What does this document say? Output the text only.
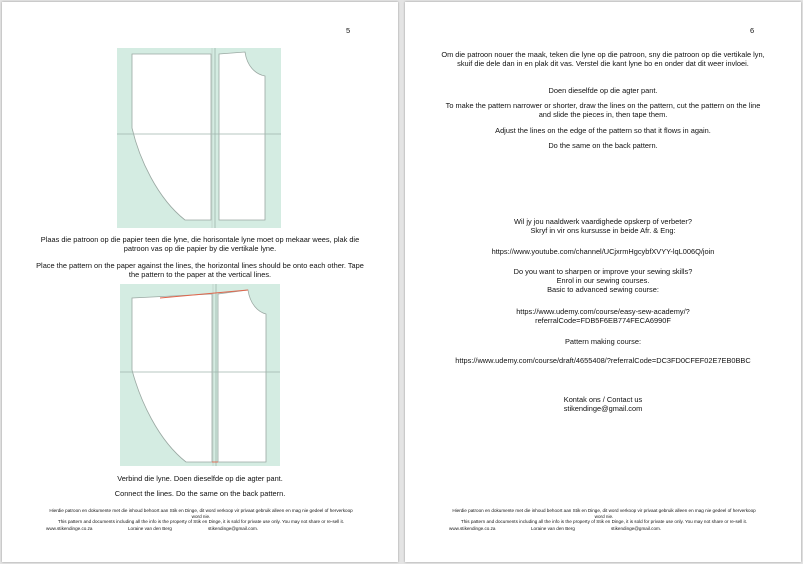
5

Plaas die patroon op die papier teen die lyne, die horisontale lyne moet op mekaar wees, plak die patroon vas op die papier by die vertikale lyne.

Place the pattern on the paper against the lines, the horizontal lines should be onto each other. Tape the pattern to the paper at the vertical lines.

Verbind die lyne. Doen dieselfde op die agter pant.

Connect the lines. Do the same on the back pattern.

Hierdie patroon en dokumente met die inhoud behoort aan Stik en Dinge, dit word verkoop vir privaat gebruik alleen en mag nie gedeel of herverkoop word nie.
This pattern and documents including all the info is the property of Stik en Dinge, it is sold for private use only. You may not share or re-sell it.
www.stikendinge.co.za	Loraine van den Berg	stikendinge@gmail.com.
6

Om die patroon nouer the maak, teken die lyne op die patroon, sny die patroon op die vertikale lyn, skuif die dele dan in en plak dit vas. Verstel die kant lyne bo en onder dat dit weer invloei.

Doen dieselfde op die agter pant.

To make the pattern narrower or shorter, draw the lines on the pattern, cut the pattern on the line and slide the pieces in, then tape them.

Adjust the lines on the edge of the pattern so that it flows in again.

Do the same on the back pattern.

Wil jy jou naaldwerk vaardighede opskerp of verbeter?
Skryf in vir ons kursusse in beide Afr. & Eng:

https://www.youtube.com/channel/UCjxrmHgcybfXVYY-lqL006Q/join

Do you want to sharpen or improve your sewing skills?
Enrol in our sewing courses.
Basic to advanced sewing course:

https://www.udemy.com/course/easy-sew-academy/?referralCode=FDB5F6EB774FECA6990F

Pattern making course:

https://www.udemy.com/course/draft/4655408/?referralCode=DC3FD0CFEF02E7EB0BBC

Kontak ons / Contact us
stikendinge@gmail.com

Hierdie patroon en dokumente met die inhoud behoort aan Stik en Dinge, dit word verkoop vir privaat gebruik alleen en mag nie gedeel of herverkoop word nie.
This pattern and documents including all the info is the property of Stik en Dinge, it is sold for private use only. You may not share or re-sell it.
www.stikendinge.co.za	Loraine van den Berg	stikendinge@gmail.com.
